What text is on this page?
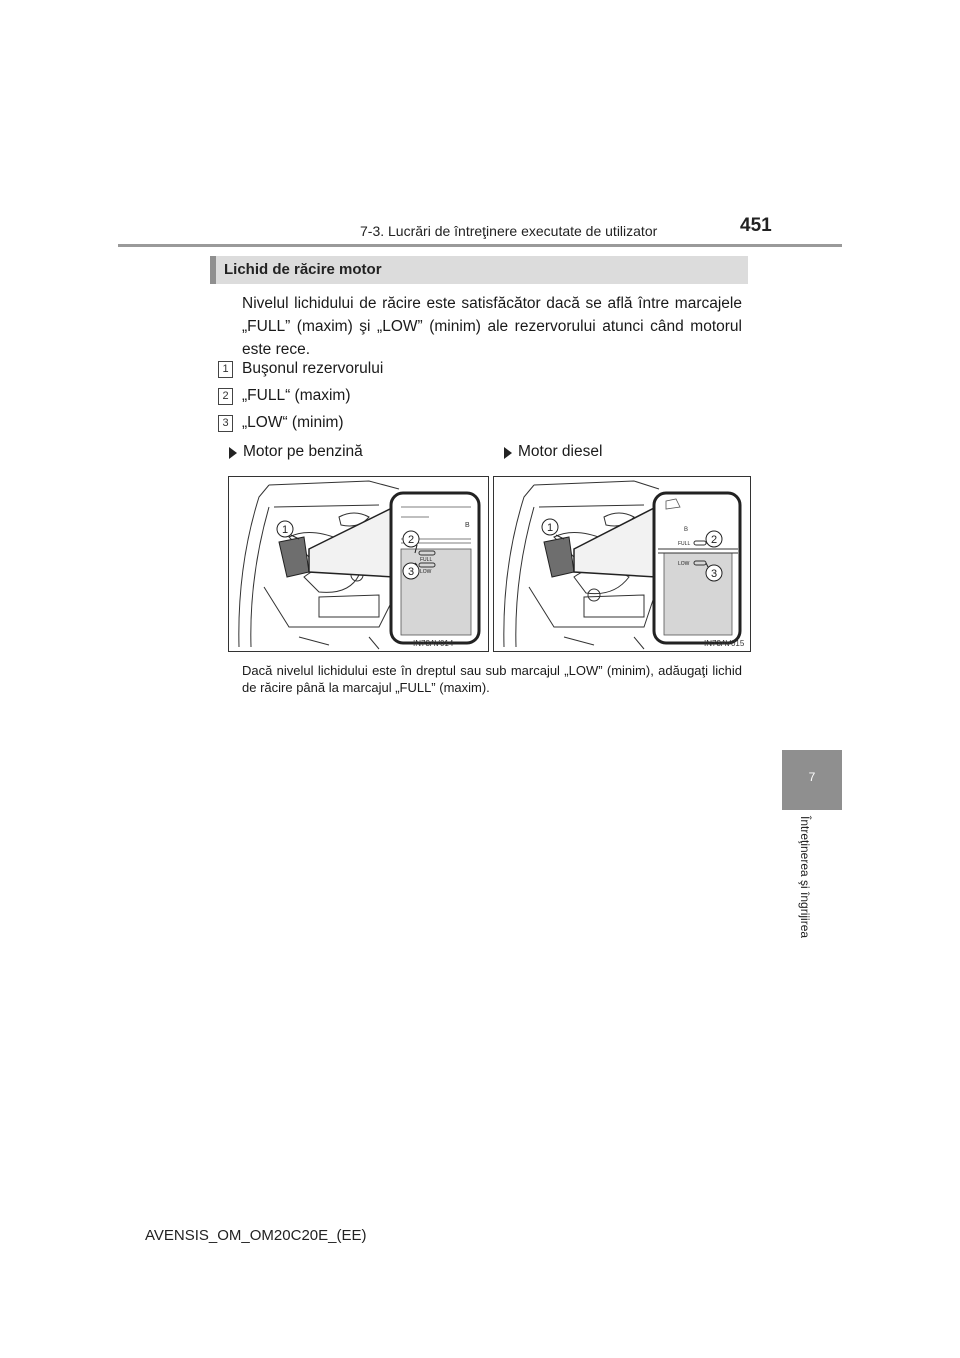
7-3. Lucrări de întreţinere executate de utilizator	451
7
Întreţinerea şi îngrijirea
Lichid de răcire motor
Nivelul lichidului de răcire este satisfăcător dacă se află între marcajele „FULL” (maxim) şi „LOW” (minim) ale rezervorului atunci când motorul este rece.
1 Buşonul rezervorului
2 „FULL“ (maxim)
3 „LOW“ (minim)
Motor pe benzină	Motor diesel
FULL
LOW
B
1
2
3
IN73AV014
FULL
LOW
B
1
2
3
IN73AV015
Dacă nivelul lichidului este în dreptul sau sub marcajul „LOW” (minim), adăugaţi lichid de răcire până la marcajul „FULL” (maxim).
AVENSIS_OM_OM20C20E_(EE)
